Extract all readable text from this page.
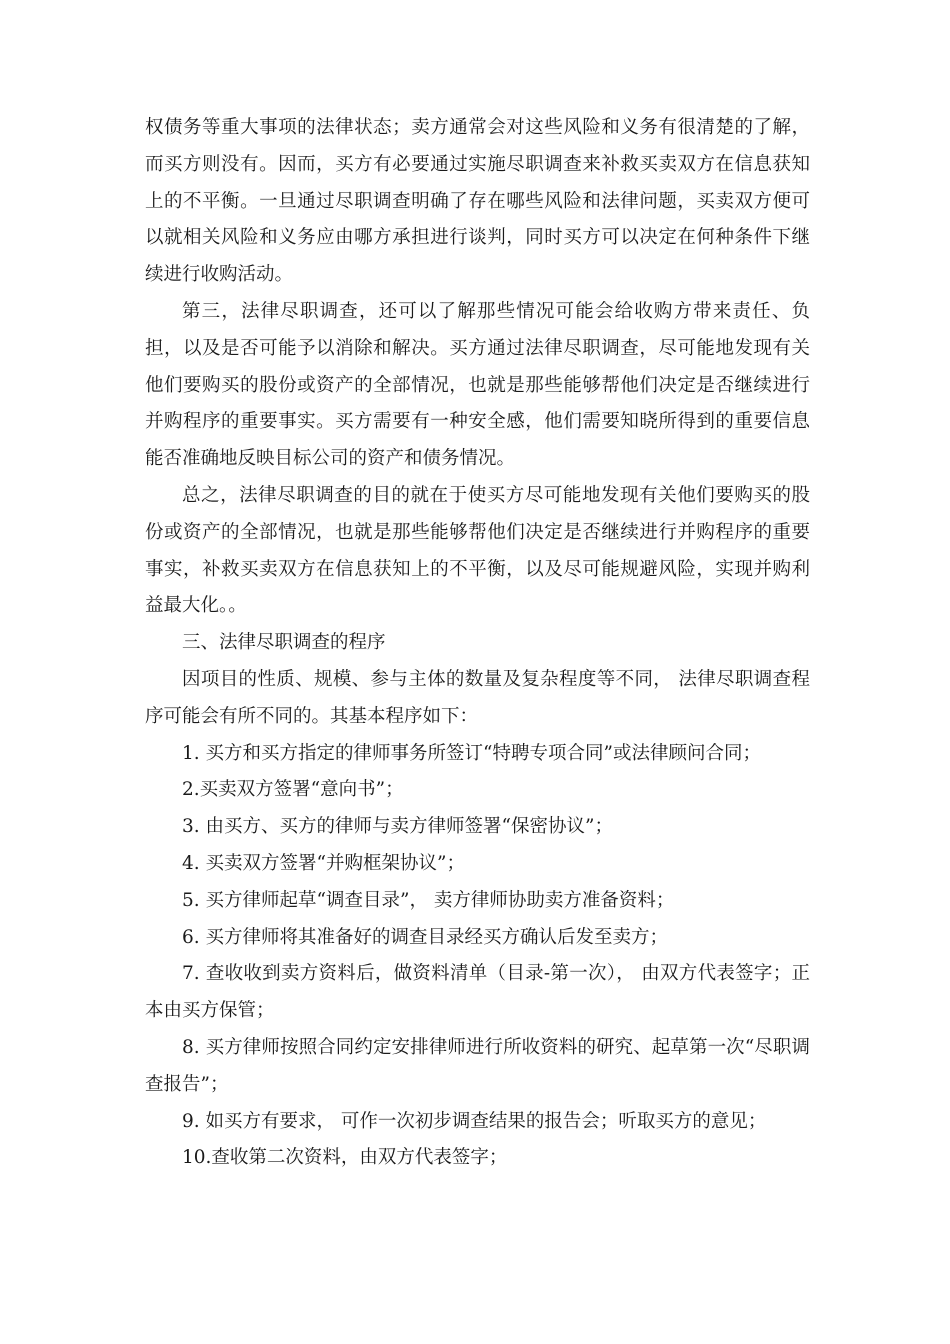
权债务等重大事项的法律状态；卖方通常会对这些风险和义务有很清楚的了解，而买方则没有。因而，买方有必要通过实施尽职调查来补救买卖双方在信息获知上的不平衡。一旦通过尽职调查明确了存在哪些风险和法律问题，买卖双方便可以就相关风险和义务应由哪方承担进行谈判，同时买方可以决定在何种条件下继续进行收购活动。

第三，法律尽职调查，还可以了解那些情况可能会给收购方带来责任、负担，以及是否可能予以消除和解决。买方通过法律尽职调查，尽可能地发现有关他们要购买的股份或资产的全部情况，也就是那些能够帮他们决定是否继续进行并购程序的重要事实。买方需要有一种安全感，他们需要知晓所得到的重要信息能否准确地反映目标公司的资产和债务情况。

总之，法律尽职调查的目的就在于使买方尽可能地发现有关他们要购买的股份或资产的全部情况，也就是那些能够帮他们决定是否继续进行并购程序的重要事实，补救买卖双方在信息获知上的不平衡，以及尽可能规避风险，实现并购利益最大化。。

三、法律尽职调查的程序

因项目的性质、规模、参与主体的数量及复杂程度等不同， 法律尽职调查程序可能会有所不同的。其基本程序如下：

1. 买方和买方指定的律师事务所签订“特聘专项合同”或法律顾问合同；

2.买卖双方签署“意向书”；

3. 由买方、买方的律师与卖方律师签署“保密协议”；

4. 买卖双方签署“并购框架协议”；

5. 买方律师起草“调查目录”， 卖方律师协助卖方准备资料；

6. 买方律师将其准备好的调查目录经买方确认后发至卖方；

7. 查收收到卖方资料后，做资料清单（目录-第一次）， 由双方代表签字；正本由买方保管；

8. 买方律师按照合同约定安排律师进行所收资料的研究、起草第一次“尽职调查报告”；

9. 如买方有要求， 可作一次初步调查结果的报告会；听取买方的意见；

10.查收第二次资料，由双方代表签字；
